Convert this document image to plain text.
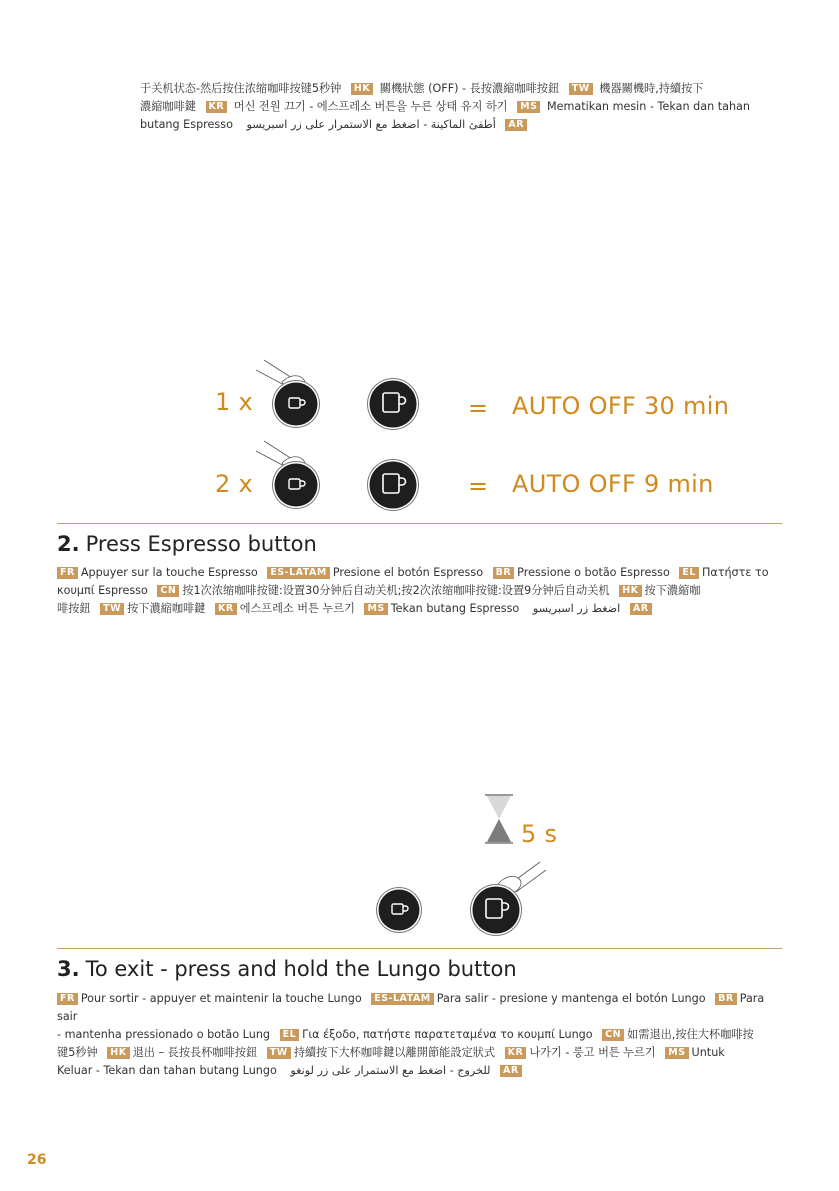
于关机状态-然后按住浓缩咖啡按键5秒钟 HK 關機狀態 (OFF) - 長按濃縮咖啡按鈕 TW 機器關機時,持續按下
濃縮咖啡鍵 KR 머신 전원 끄기 - 에스프레소 버튼을 누른 상태 유지 하기 MS Mematikan mesin - Tekan dan tahan
butang Espresso أطفئ الماكينة - اضغط مع الاستمرار على زر اسبريسو AR
1 x	= AUTO OFF 30 min
2 x	= AUTO OFF 9 min
2. Press Espresso button
FR Appuyer sur la touche Espresso ES-LATAM Presione el botón Espresso BR Pressione o botão Espresso EL Πατήστε το
κουμπί Espresso CN 按1次浓缩咖啡按键:设置30分钟后自动关机;按2次浓缩咖啡按键:设置9分钟后自动关机 HK 按下濃縮咖
啡按鈕 TW 按下濃縮咖啡鍵 KR 에스프레소 버튼 누르기 MS Tekan butang Espresso اضغط زر اسبريسو AR
5 s
3. To exit - press and hold the Lungo button
FR Pour sortir - appuyer et maintenir la touche Lungo ES-LATAM Para salir - presione y mantenga el botón Lungo BR Para sair
- mantenha pressionado o botão Lung EL Για έξοδο, πατήστε παρατεταμένα το κουμπί Lungo CN 如需退出,按住大杯咖啡按
键5秒钟 HK 退出 – 長按長杯咖啡按鈕 TW 持續按下大杯咖啡鍵以離開節能設定狀式 KR 나가기 - 룽고 버튼 누르기 MS Untuk
Keluar - Tekan dan tahan butang Lungo للخروج - اضغط مع الاستمرار على زر لونغو AR
26
